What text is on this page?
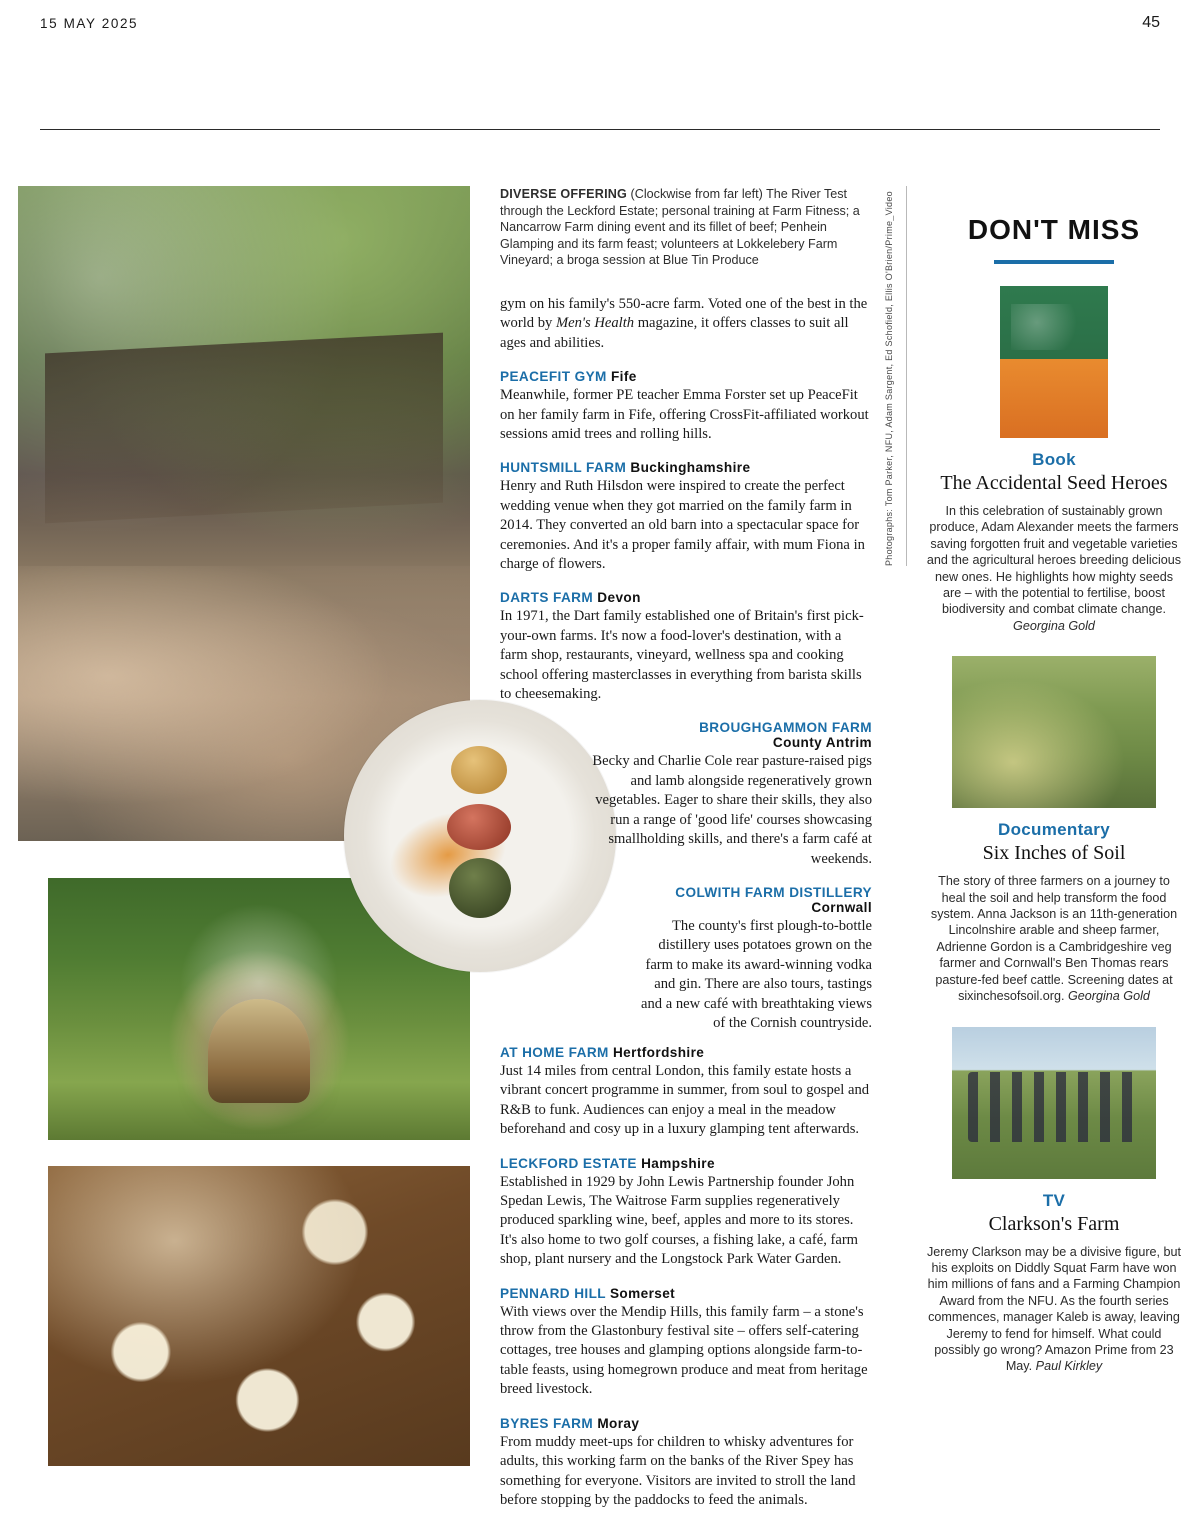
15 MAY 2025	45
Photographs: Tom Parker, NFU, Adam Sargent, Ed Schofield, Ellis O'Brien/Prime_Video

DIVERSE OFFERING (Clockwise from far left) The River Test through the Leckford Estate; personal training at Farm Fitness; a Nancarrow Farm dining event and its fillet of beef; Penhein Glamping and its farm feast; volunteers at Lokkelebery Farm Vineyard; a broga session at Blue Tin Produce

gym on his family's 550-acre farm. Voted one of the best in the world by Men's Health magazine, it offers classes to suit all ages and abilities.

PEACEFIT GYM Fife

Meanwhile, former PE teacher Emma Forster set up PeaceFit on her family farm in Fife, offering CrossFit-affiliated workout sessions amid trees and rolling hills.

HUNTSMILL FARM Buckinghamshire

Henry and Ruth Hilsdon were inspired to create the perfect wedding venue when they got married on the family farm in 2014. They converted an old barn into a spectacular space for ceremonies. And it's a proper family affair, with mum Fiona in charge of flowers.

DARTS FARM Devon

In 1971, the Dart family established one of Britain's first pick-your-own farms. It's now a food-lover's destination, with a farm shop, restaurants, vineyard, wellness spa and cooking school offering masterclasses in everything from barista skills to cheesemaking.

BROUGHGAMMON FARM
County Antrim

Becky and Charlie Cole rear pasture-raised pigs and lamb alongside regeneratively grown vegetables. Eager to share their skills, they also run a range of 'good life' courses showcasing smallholding skills, and there's a farm café at weekends.

COLWITH FARM DISTILLERY
Cornwall

The county's first plough-to-bottle distillery uses potatoes grown on the farm to make its award-winning vodka and gin. There are also tours, tastings and a new café with breathtaking views of the Cornish countryside.

AT HOME FARM Hertfordshire

Just 14 miles from central London, this family estate hosts a vibrant concert programme in summer, from soul to gospel and R&B to funk. Audiences can enjoy a meal in the meadow beforehand and cosy up in a luxury glamping tent afterwards.

LECKFORD ESTATE Hampshire

Established in 1929 by John Lewis Partnership founder John Spedan Lewis, The Waitrose Farm supplies regeneratively produced sparkling wine, beef, apples and more to its stores. It's also home to two golf courses, a fishing lake, a café, farm shop, plant nursery and the Longstock Park Water Garden.

PENNARD HILL Somerset

With views over the Mendip Hills, this family farm – a stone's throw from the Glastonbury festival site – offers self-catering cottages, tree houses and glamping options alongside farm-to-table feasts, using homegrown produce and meat from heritage breed livestock.

BYRES FARM Moray

From muddy meet-ups for children to whisky adventures for adults, this working farm on the banks of the River Spey has something for everyone. Visitors are invited to stroll the land before stopping by the paddocks to feed the animals.

DON'T MISS

Book

The Accidental Seed Heroes

In this celebration of sustainably grown produce, Adam Alexander meets the farmers saving forgotten fruit and vegetable varieties and the agricultural heroes breeding delicious new ones. He highlights how mighty seeds are – with the potential to fertilise, boost biodiversity and combat climate change. Georgina Gold

Documentary

Six Inches of Soil

The story of three farmers on a journey to heal the soil and help transform the food system. Anna Jackson is an 11th-generation Lincolnshire arable and sheep farmer, Adrienne Gordon is a Cambridgeshire veg farmer and Cornwall's Ben Thomas rears pasture-fed beef cattle. Screening dates at sixinchesofsoil.org. Georgina Gold

TV

Clarkson's Farm

Jeremy Clarkson may be a divisive figure, but his exploits on Diddly Squat Farm have won him millions of fans and a Farming Champion Award from the NFU. As the fourth series commences, manager Kaleb is away, leaving Jeremy to fend for himself. What could possibly go wrong? Amazon Prime from 23 May. Paul Kirkley
